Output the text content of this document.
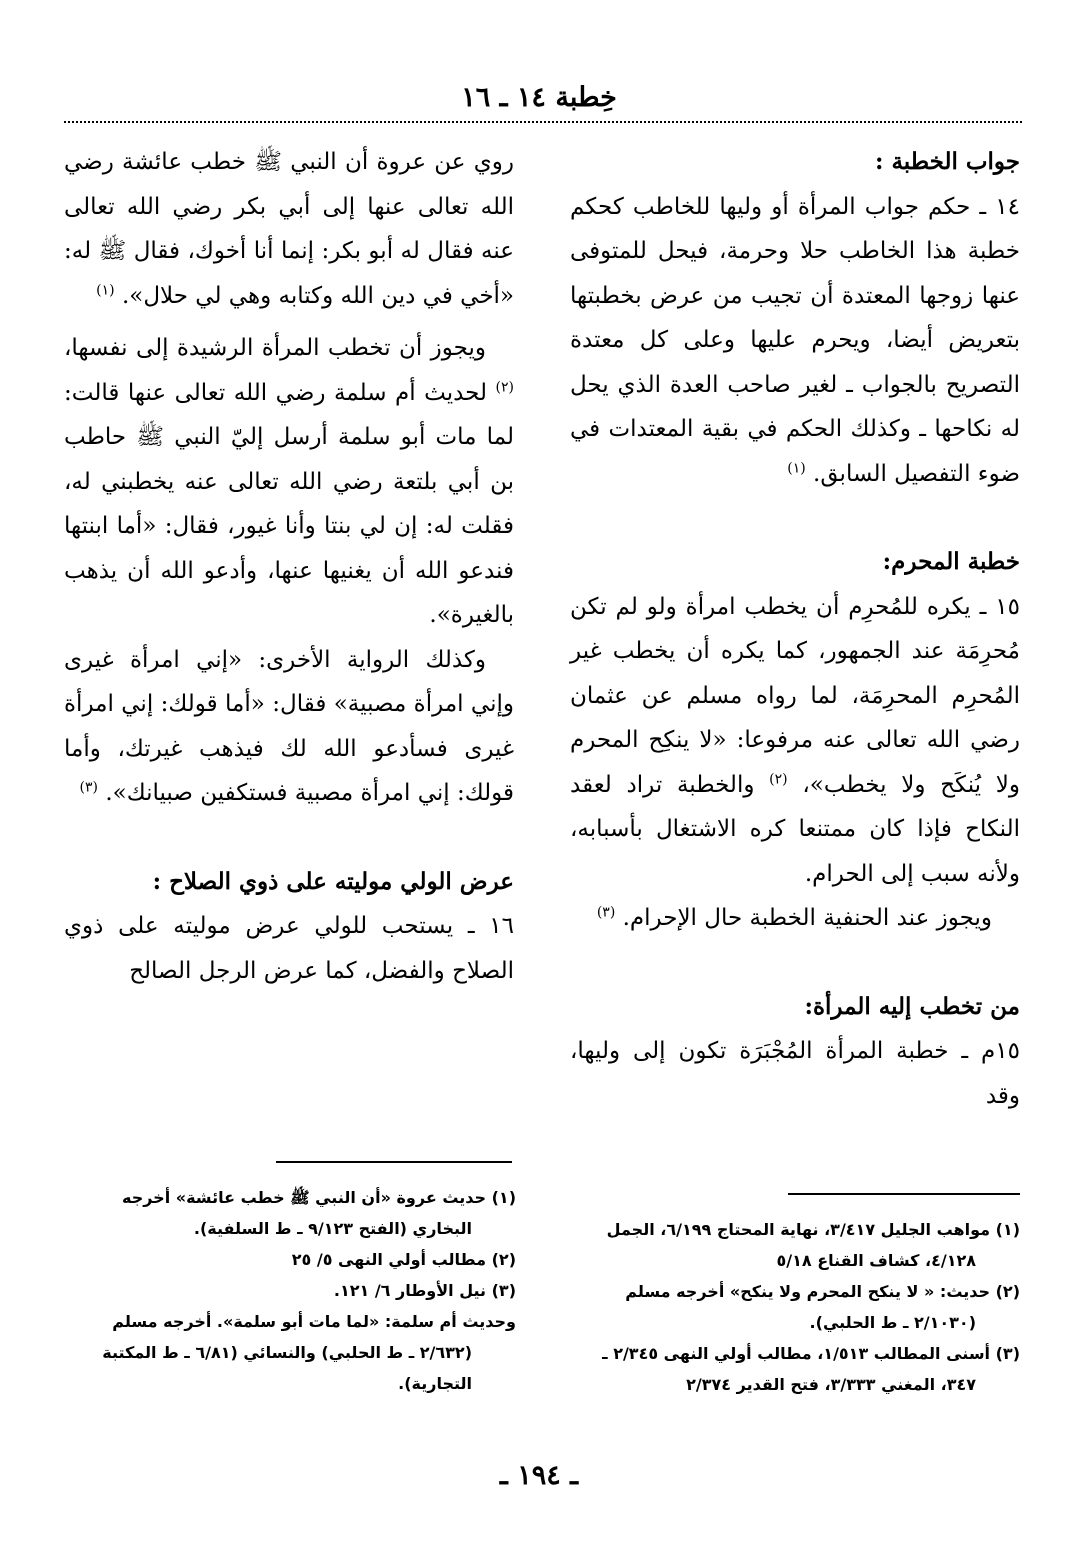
خِطبة ١٤ ـ ١٦
جواب الخطبة :

١٤ ـ حكم جواب المرأة أو وليها للخاطب كحكم خطبة هذا الخاطب حلا وحرمة، فيحل للمتوفى عنها زوجها المعتدة أن تجيب من عرض بخطبتها بتعريض أيضا، ويحرم عليها وعلى كل معتدة التصريح بالجواب ـ لغير صاحب العدة الذي يحل له نكاحها ـ وكذلك الحكم في بقية المعتدات في ضوء التفصيل السابق. $^{(١)}$

خطبة المحرم:

١٥ ـ يكره للمُحرِم أن يخطب امرأة ولو لم تكن مُحرِمَة عند الجمهور، كما يكره أن يخطب غير المُحرِم المحرِمَة، لما رواه مسلم عن عثمان رضي الله تعالى عنه مرفوعا: «لا ينكِح المحرم ولا يُنكَح ولا يخطب»، $^{(٢)}$ والخطبة تراد لعقد النكاح فإذا كان ممتنعا كره الاشتغال بأسبابه، ولأنه سبب إلى الحرام.

ويجوز عند الحنفية الخطبة حال الإحرام. $^{(٣)}$

من تخطب إليه المرأة:

١٥م ـ خطبة المرأة المُجْبَرَة تكون إلى وليها، وقد

روي عن عروة أن النبي ﷺ خطب عائشة رضي الله تعالى عنها إلى أبي بكر رضي الله تعالى عنه فقال له أبو بكر: إنما أنا أخوك، فقال ﷺ له: «أخي في دين الله وكتابه وهي لي حلال». $^{(١)}$

ويجوز أن تخطب المرأة الرشيدة إلى نفسها،$^{(٢)}$ لحديث أم سلمة رضي الله تعالى عنها قالت: لما مات أبو سلمة أرسل إليّ النبي ﷺ حاطب بن أبي بلتعة رضي الله تعالى عنه يخطبني له، فقلت له: إن لي بنتا وأنا غيور، فقال: «أما ابنتها فندعو الله أن يغنيها عنها، وأدعو الله أن يذهب بالغيرة».

وكذلك الرواية الأخرى: «إني امرأة غيرى وإني امرأة مصبية» فقال: «أما قولك: إني امرأة غيرى فسأدعو الله لك فيذهب غيرتك، وأما قولك: إني امرأة مصبية فستكفين صبيانك». $^{(٣)}$

عرض الولي موليته على ذوي الصلاح :

١٦ ـ يستحب للولي عرض موليته على ذوي الصلاح والفضل، كما عرض الرجل الصالح

(١) مواهب الجليل ٣/٤١٧، نهاية المحتاج ٦/١٩٩، الجمل

٤/١٢٨، كشاف القناع ٥/١٨

(٢) حديث: « لا ينكح المحرم ولا ينكح» أخرجه مسلم

(٢/١٠٣٠ ـ ط الحلبي).

(٣) أسنى المطالب ١/٥١٣، مطالب أولي النهى ٢/٣٤٥ ـ

٣٤٧، المغني ٣/٣٣٣، فتح القدير ٢/٣٧٤

(١) حديث عروة «أن النبي ﷺ خطب عائشة» أخرجه

البخاري (الفتح ٩/١٢٣ ـ ط السلفية).

(٢) مطالب أولي النهى ٥/ ٢٥

(٣) نيل الأوطار ٦/ ١٢١.

وحديث أم سلمة: «لما مات أبو سلمة». أخرجه مسلم

(٢/٦٣٢ ـ ط الحلبي) والنسائي (٦/٨١ ـ ط المكتبة

التجارية).

ـ ١٩٤ ـ
